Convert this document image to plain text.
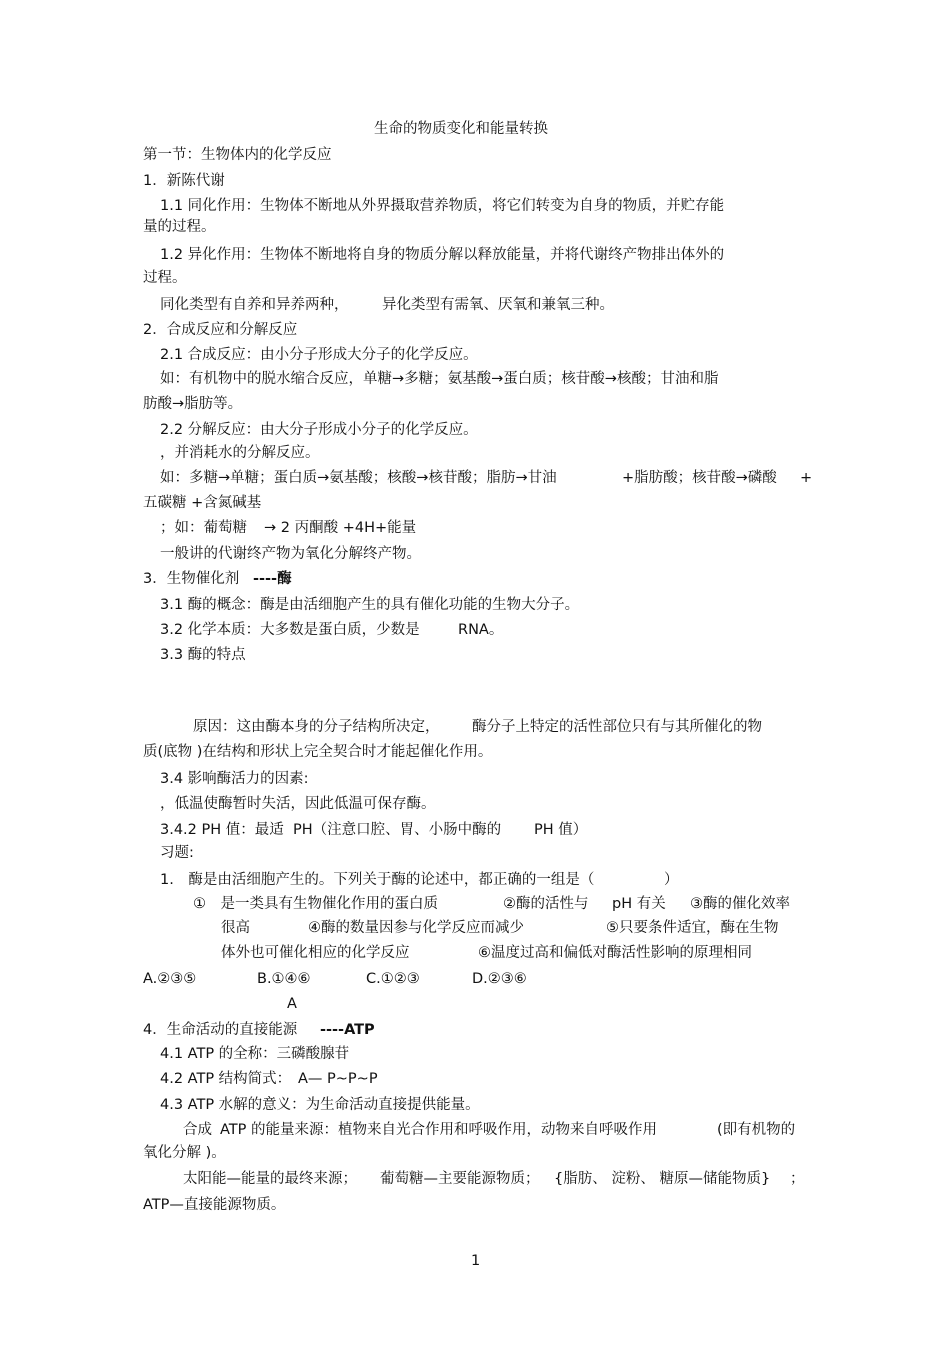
生命的物质变化和能量转换
第一节：生物体内的化学反应
1．新陈代谢
1.1 同化作用：生物体不断地从外界摄取营养物质，将它们转变为自身的物质，并贮存能
量的过程。
1.2 异化作用：生物体不断地将自身的物质分解以释放能量，并将代谢终产物排出体外的
过程。
同化类型有自养和异养两种， 异化类型有需氧、厌氧和兼氧三种。
2．合成反应和分解反应
2.1 合成反应：由小分子形成大分子的化学反应。
如：有机物中的脱水缩合反应，单糖→多糖；氨基酸→蛋白质；核苷酸→核酸；甘油和脂
肪酸→脂肪等。
2.2 分解反应：由大分子形成小分子的化学反应。
，并消耗水的分解反应。
如：多糖→单糖；蛋白质→氨基酸；核酸→核苷酸；脂肪→甘油	+脂肪酸；核苷酸→磷酸 +
五碳糖 +含氮碱基
；如：葡萄糖 → 2 丙酮酸 +4H+能量
一般讲的代谢终产物为氧化分解终产物。
3．生物催化剂 ----酶
3.1 酶的概念：酶是由活细胞产生的具有催化功能的生物大分子。
3.2 化学本质：大多数是蛋白质，少数是	RNA。
3.3 酶的特点
原因：这由酶本身的分子结构所决定， 酶分子上特定的活性部位只有与其所催化的物
质(底物 )在结构和形状上完全契合时才能起催化作用。
3.4 影响酶活力的因素:
，低温使酶暂时失活，因此低温可保存酶。
3.4.2 PH 值：最适 PH（注意口腔、胃、小肠中酶的 PH 值）
习题:
1.　酶是由活细胞产生的。下列关于酶的论述中，都正确的一组是（	）
①　是一类具有生物催化作用的蛋白质	②酶的活性与 pH 有关 ③酶的催化效率
很高	④酶的数量因参与化学反应而减少	⑤只要条件适宜，酶在生物
体外也可催化相应的化学反应	⑥温度过高和偏低对酶活性影响的原理相同
A.②③⑤	B.①④⑥	C.①②③	D.②③⑥
A
4．生命活动的直接能源 ----ATP
4.1 ATP 的全称：三磷酸腺苷
4.2 ATP 结构简式： A— P~P~P
4.3 ATP 水解的意义：为生命活动直接提供能量。
合成 ATP 的能量来源：植物来自光合作用和呼吸作用，动物来自呼吸作用	(即有机物的
氧化分解 )。
太阳能—能量的最终来源； 葡萄糖—主要能源物质； {脂肪、 淀粉、 糖原—储能物质} ；
ATP—直接能源物质。
1
